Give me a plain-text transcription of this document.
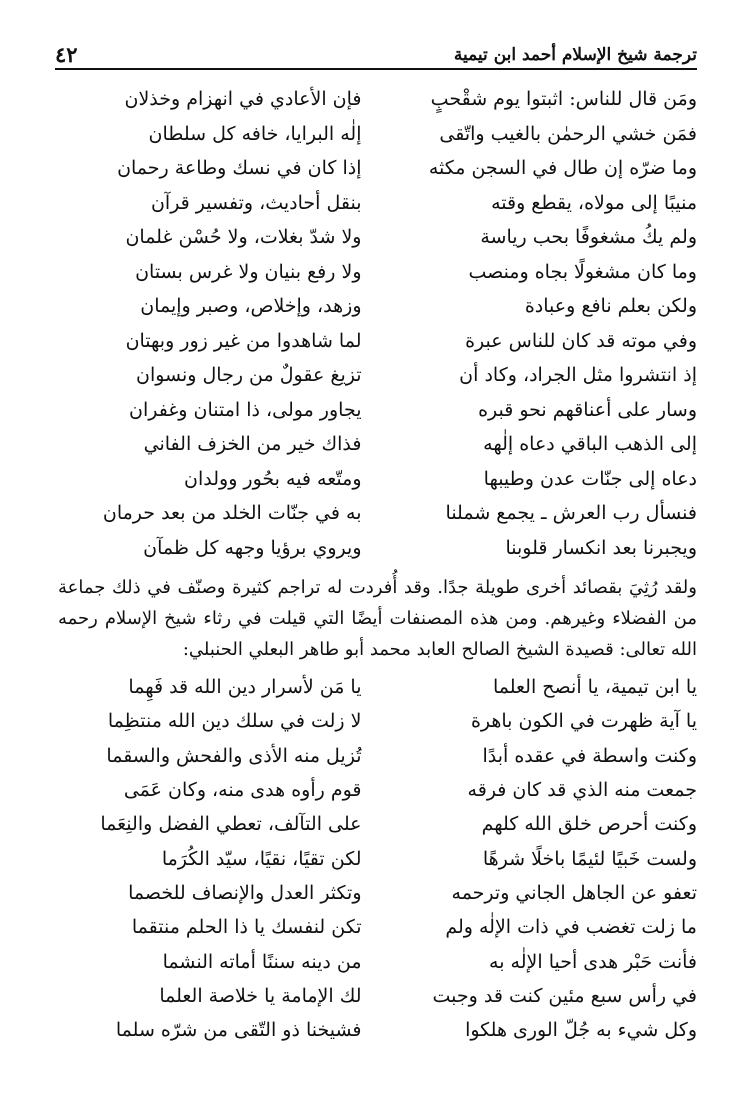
ترجمة شيخ الإسلام أحمد ابن تيمية
٤٢
ومَن قال للناس: اثبتوا يوم شقْحبٍ
فإن الأعادي في انهزام وخذلان
فمَن خشي الرحمٰن بالغيب واتّقى
إلٰه البرايا، خافه كل سلطان
وما ضرّه إن طال في السجن مكثه
إذا كان في نسك وطاعة رحمان
منيبًا إلى مولاه، يقطع وقته
بنقل أحاديث، وتفسير قرآن
ولم يكُ مشغوفًا بحب رياسة
ولا شدّ بغلات، ولا حُسْن غلمان
وما كان مشغولًا بجاه ومنصب
ولا رفع بنيان ولا غرس بستان
ولكن بعلم نافع وعبادة
وزهد، وإخلاص، وصبر وإيمان
وفي موته قد كان للناس عبرة
لما شاهدوا من غير زور وبهتان
إذ انتشروا مثل الجراد، وكاد أن
تزيغ عقولٌ من رجال ونسوان
وسار على أعناقهم نحو قبره
يجاور مولى، ذا امتنان وغفران
إلى الذهب الباقي دعاه إلٰهه
فذاك خير من الخزف الفاني
دعاه إلى جنّات عدن وطيبها
ومتّعه فيه بحُور وولدان
فنسأل رب العرش ـ يجمع شملنا
به في جنّات الخلد من بعد حرمان
ويجبرنا بعد انكسار قلوبنا
ويروي برؤيا وجهه كل ظمآن

ولقد رُثِيَ بقصائد أخرى طويلة جدًا. وقد أُفردت له تراجم كثيرة وصنّف في ذلك جماعة من الفضلاء وغيرهم. ومن هذه المصنفات أيضًا التي قيلت في رثاء شيخ الإسلام رحمه الله تعالى: قصيدة الشيخ الصالح العابد محمد أبو طاهر البعلي الحنبلي:

يا ابن تيمية، يا أنصح العلما
يا مَن لأسرار دين الله قد فَهِما
يا آية ظهرت في الكون باهرة
لا زلت في سلك دين الله منتظِما
وكنت واسطة في عقده أبدًا
تُزيل منه الأذى والفحش والسقما
جمعت منه الذي قد كان فرقه
قوم رأوه هدى منه، وكان عَمَى
وكنت أحرص خلق الله كلهم
على التآلف، تعطي الفضل والنِعَما
ولست خَبيًا لئيمًا باخلًا شرهًا
لكن تقيًا، نقيًا، سيّد الكُرَما
تعفو عن الجاهل الجاني وترحمه
وتكثر العدل والإنصاف للخصما
ما زلت تغضب في ذات الإلٰه ولم
تكن لنفسك يا ذا الحلم منتقما
فأنت حَبْر هدى أحيا الإلٰه به
من دينه سننًا أماته النشما
في رأس سبع مئين كنت قد وجبت
لك الإمامة يا خلاصة العلما
وكل شيء به جُلّ الورى هلكوا
فشيخنا ذو التّقى من شرّه سلما
